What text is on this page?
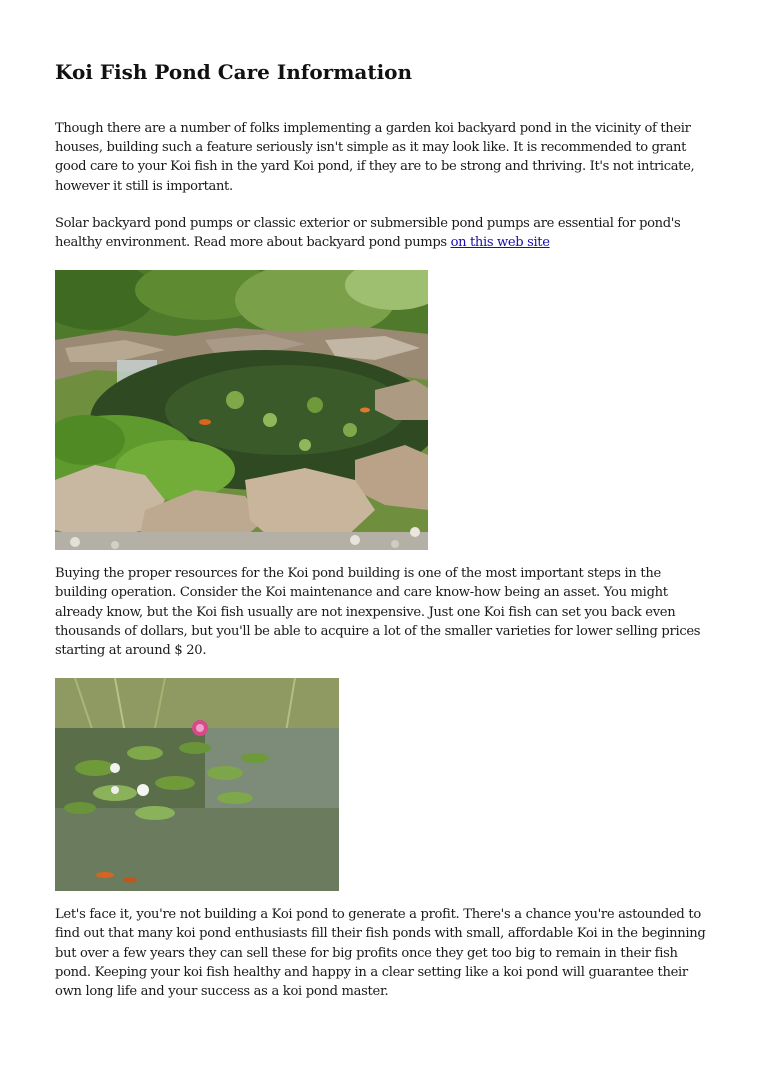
Koi Fish Pond Care Information

Though there are a number of folks implementing a garden koi backyard pond in the vicinity of their houses, building such a feature seriously isn't simple as it may look like. It is recommended to grant good care to your Koi fish in the yard Koi pond, if they are to be strong and thriving. It's not intricate, however it still is important.

Solar backyard pond pumps or classic exterior or submersible pond pumps are essential for pond's healthy environment. Read more about backyard pond pumps on this web site

Buying the proper resources for the Koi pond building is one of the most important steps in the building operation. Consider the Koi maintenance and care know-how being an asset. You might already know, but the Koi fish usually are not inexpensive. Just one Koi fish can set you back even thousands of dollars, but you'll be able to acquire a lot of the smaller varieties for lower selling prices starting at around $ 20.

Let's face it, you're not building a Koi pond to generate a profit. There's a chance you're astounded to find out that many koi pond enthusiasts fill their fish ponds with small, affordable Koi in the beginning but over a few years they can sell these for big profits once they get too big to remain in their fish pond. Keeping your koi fish healthy and happy in a clear setting like a koi pond will guarantee their own long life and your success as a koi pond master.
